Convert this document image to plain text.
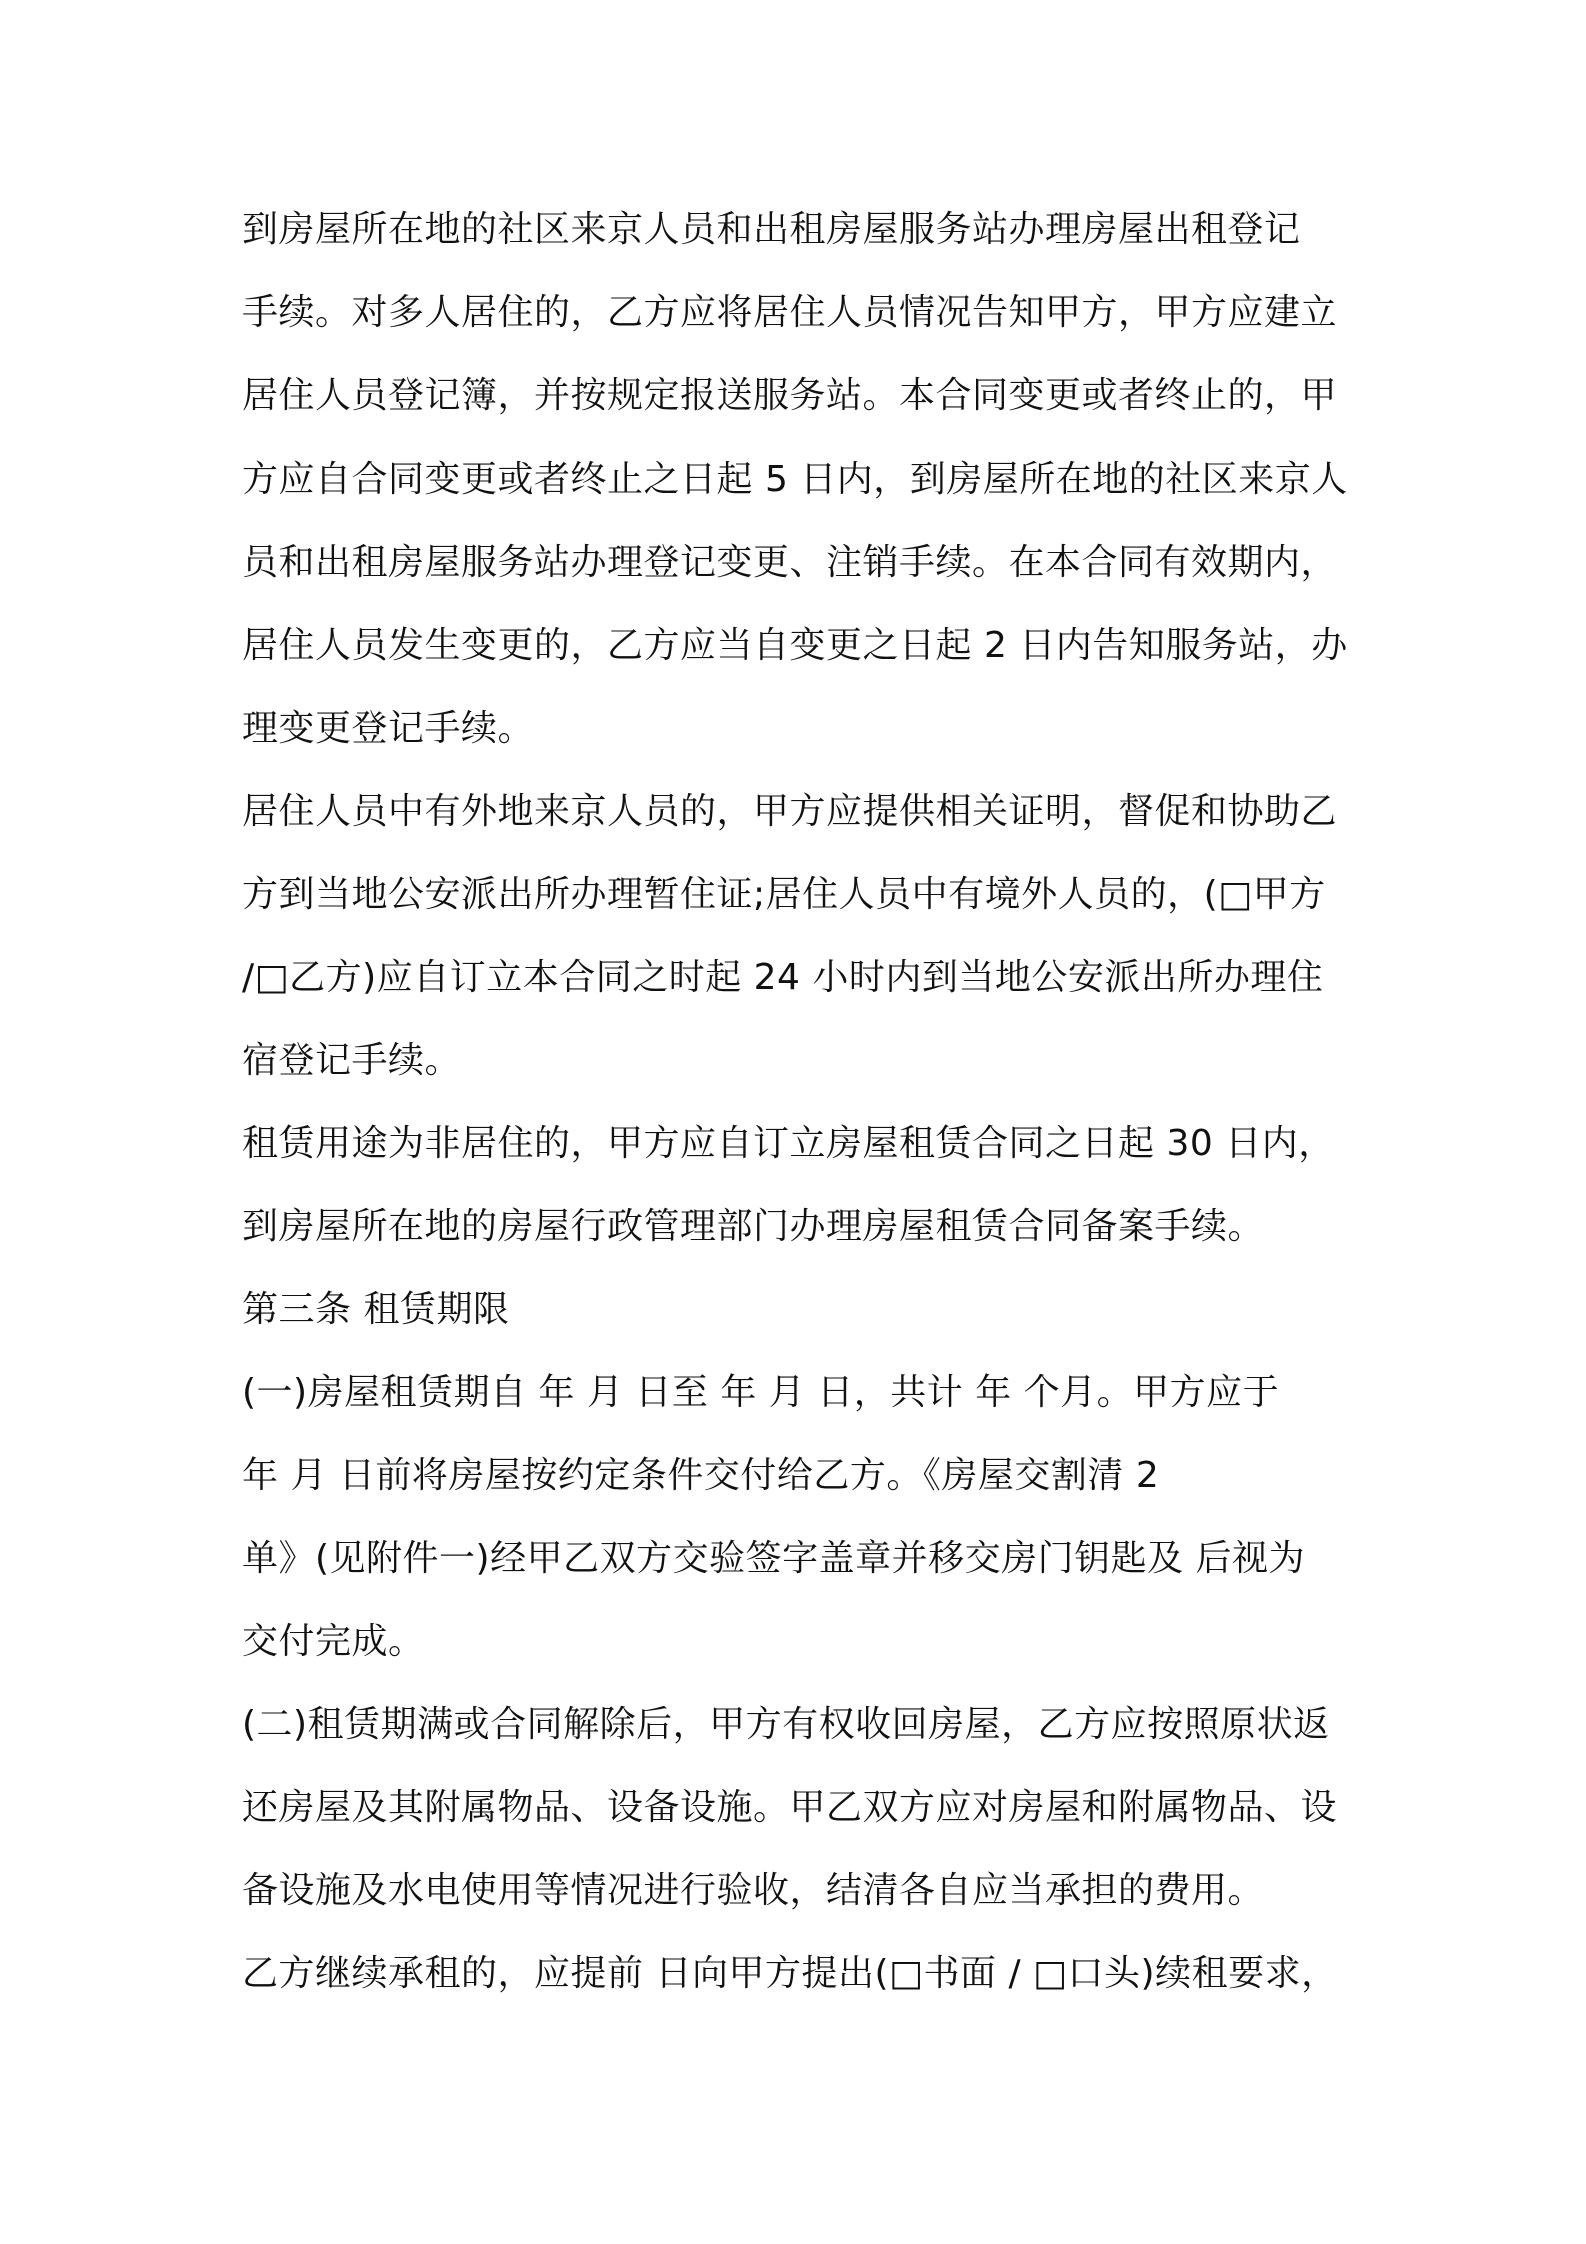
到房屋所在地的社区来京人员和出租房屋服务站办理房屋出租登记
手续。对多人居住的，乙方应将居住人员情况告知甲方，甲方应建立
居住人员登记簿，并按规定报送服务站。本合同变更或者终止的，甲
方应自合同变更或者终止之日起 5 日内，到房屋所在地的社区来京人
员和出租房屋服务站办理登记变更、注销手续。在本合同有效期内，
居住人员发生变更的，乙方应当自变更之日起 2 日内告知服务站，办
理变更登记手续。
居住人员中有外地来京人员的，甲方应提供相关证明，督促和协助乙
方到当地公安派出所办理暂住证;居住人员中有境外人员的，(□甲方
/□乙方)应自订立本合同之时起 24 小时内到当地公安派出所办理住
宿登记手续。
租赁用途为非居住的，甲方应自订立房屋租赁合同之日起 30 日内，
到房屋所在地的房屋行政管理部门办理房屋租赁合同备案手续。
第三条 租赁期限
(一)房屋租赁期自 年 月 日至 年 月 日，共计 年 个月。甲方应于
年 月 日前将房屋按约定条件交付给乙方。《房屋交割清 2
单》(见附件一)经甲乙双方交验签字盖章并移交房门钥匙及 后视为
交付完成。
(二)租赁期满或合同解除后，甲方有权收回房屋，乙方应按照原状返
还房屋及其附属物品、设备设施。甲乙双方应对房屋和附属物品、设
备设施及水电使用等情况进行验收，结清各自应当承担的费用。
乙方继续承租的，应提前 日向甲方提出(□书面 / □口头)续租要求，
